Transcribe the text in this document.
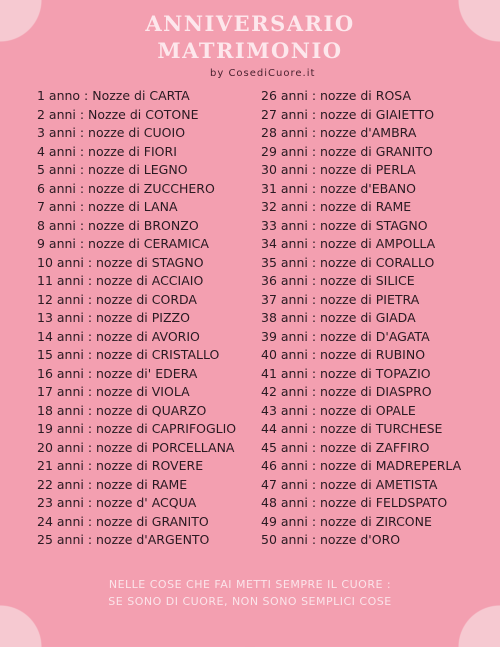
ANNIVERSARIO
MATRIMONIO
by CosediCuore.it
1 anno : Nozze di CARTA
2 anni : Nozze di COTONE
3 anni : nozze di CUOIO
4 anni : nozze di FIORI
5 anni : nozze di LEGNO
6 anni : nozze di ZUCCHERO
7 anni : nozze di LANA
8 anni : nozze di BRONZO
9 anni : nozze di CERAMICA
10 anni : nozze di STAGNO
11 anni : nozze di ACCIAIO
12 anni : nozze di CORDA
13 anni : nozze di PIZZO
14 anni : nozze di AVORIO
15 anni : nozze di CRISTALLO
16 anni : nozze di' EDERA
17 anni : nozze di VIOLA
18 anni : nozze di QUARZO
19 anni : nozze di CAPRIFOGLIO
20 anni : nozze di PORCELLANA
21 anni : nozze di ROVERE
22 anni : nozze di RAME
23 anni : nozze d' ACQUA
24 anni : nozze di GRANITO
25 anni : nozze d'ARGENTO
26 anni : nozze di ROSA
27 anni : nozze di GIAIETTO
28 anni : nozze d'AMBRA
29 anni : nozze di GRANITO
30 anni : nozze di PERLA
31 anni : nozze d'EBANO
32 anni : nozze di RAME
33 anni : nozze di STAGNO
34 anni : nozze di AMPOLLA
35 anni : nozze di CORALLO
36 anni : nozze di SILICE
37 anni : nozze di PIETRA
38 anni : nozze di GIADA
39 anni : nozze di D'AGATA
40 anni : nozze di RUBINO
41 anni : nozze di TOPAZIO
42 anni : nozze di DIASPRO
43 anni : nozze di OPALE
44 anni : nozze di TURCHESE
45 anni : nozze di ZAFFIRO
46 anni : nozze di MADREPERLA
47 anni : nozze di AMETISTA
48 anni : nozze di FELDSPATO
49 anni : nozze di ZIRCONE
50 anni : nozze d'ORO
NELLE COSE CHE FAI METTI SEMPRE IL CUORE :
SE SONO DI CUORE, NON SONO SEMPLICI COSE
